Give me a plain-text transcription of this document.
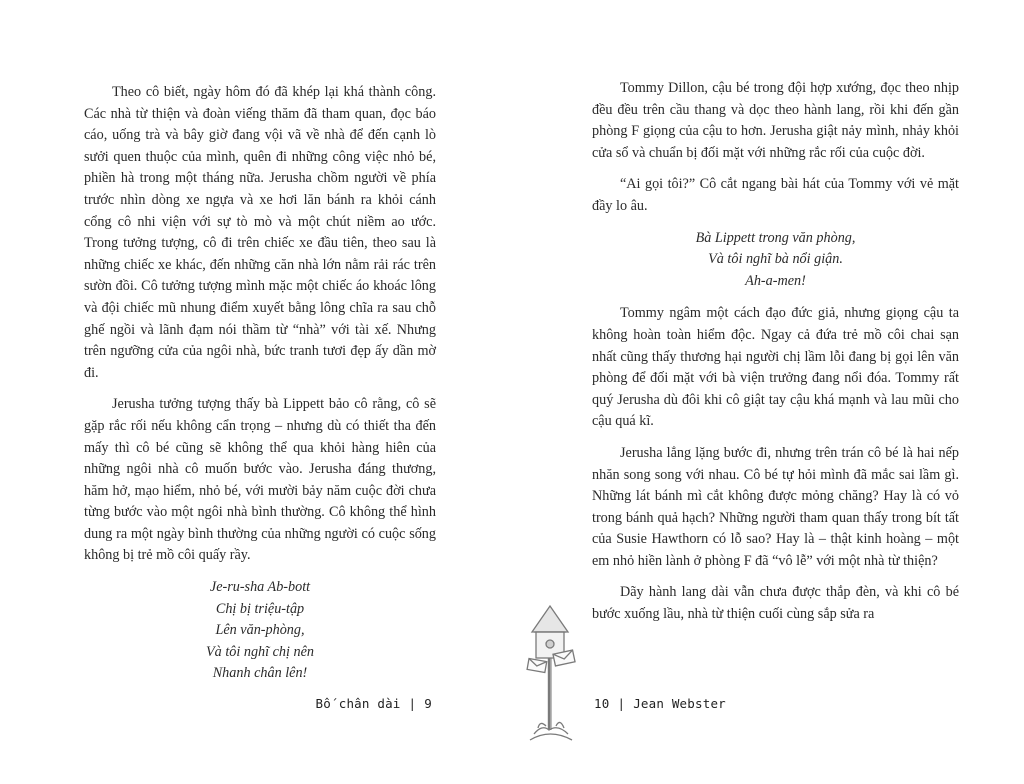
Theo cô biết, ngày hôm đó đã khép lại khá thành công. Các nhà từ thiện và đoàn viếng thăm đã tham quan, đọc báo cáo, uống trà và bây giờ đang vội vã về nhà để đến cạnh lò sưởi quen thuộc của mình, quên đi những công việc nhỏ bé, phiền hà trong một tháng nữa. Jerusha chồm người về phía trước nhìn dòng xe ngựa và xe hơi lăn bánh ra khỏi cánh cổng cô nhi viện với sự tò mò và một chút niềm ao ước. Trong tưởng tượng, cô đi trên chiếc xe đầu tiên, theo sau là những chiếc xe khác, đến những căn nhà lớn nằm rải rác trên sườn đồi. Cô tưởng tượng mình mặc một chiếc áo khoác lông và đội chiếc mũ nhung điểm xuyết bằng lông chĩa ra sau chỗ ghế ngồi và lãnh đạm nói thầm từ “nhà” với tài xế. Nhưng trên ngưỡng cửa của ngôi nhà, bức tranh tươi đẹp ấy dần mờ đi.

Jerusha tưởng tượng thấy bà Lippett bảo cô rằng, cô sẽ gặp rắc rối nếu không cẩn trọng – nhưng dù có thiết tha đến mấy thì cô bé cũng sẽ không thể qua khỏi hàng hiên của những ngôi nhà cô muốn bước vào. Jerusha đáng thương, hăm hở, mạo hiểm, nhỏ bé, với mười bảy năm cuộc đời chưa từng bước vào một ngôi nhà bình thường. Cô không thể hình dung ra một ngày bình thường của những người có cuộc sống không bị trẻ mồ côi quấy rầy.

Je-ru-sha Ab-bott
Chị bị triệu-tập
Lên văn-phòng,
Và tôi nghĩ chị nên
Nhanh chân lên!
Bố chân dài | 9

Tommy Dillon, cậu bé trong đội hợp xướng, đọc theo nhịp đều đều trên cầu thang và dọc theo hành lang, rồi khi đến gần phòng F giọng của cậu to hơn. Jerusha giật nảy mình, nhảy khỏi cửa sổ và chuẩn bị đối mặt với những rắc rối của cuộc đời.

“Ai gọi tôi?” Cô cắt ngang bài hát của Tommy với vẻ mặt đầy lo âu.

Bà Lippett trong văn phòng,
Và tôi nghĩ bà nổi giận.
Ah-a-men!

Tommy ngâm một cách đạo đức giả, nhưng giọng cậu ta không hoàn toàn hiểm độc. Ngay cả đứa trẻ mồ côi chai sạn nhất cũng thấy thương hại người chị lầm lỗi đang bị gọi lên văn phòng để đối mặt với bà viện trưởng đang nổi đóa. Tommy rất quý Jerusha dù đôi khi cô giật tay cậu khá mạnh và lau mũi cho cậu quá kĩ.

Jerusha lẳng lặng bước đi, nhưng trên trán cô bé là hai nếp nhăn song song với nhau. Cô bé tự hỏi mình đã mắc sai lầm gì. Những lát bánh mì cắt không được mỏng chăng? Hay là có vỏ trong bánh quả hạch? Những người tham quan thấy trong bít tất của Susie Hawthorn có lỗ sao? Hay là – thật kinh hoàng – một em nhỏ hiền lành ở phòng F đã “vô lễ” với một nhà từ thiện?

Dãy hành lang dài vẫn chưa được thắp đèn, và khi cô bé bước xuống lầu, nhà từ thiện cuối cùng sắp sửa ra

10 | Jean Webster
